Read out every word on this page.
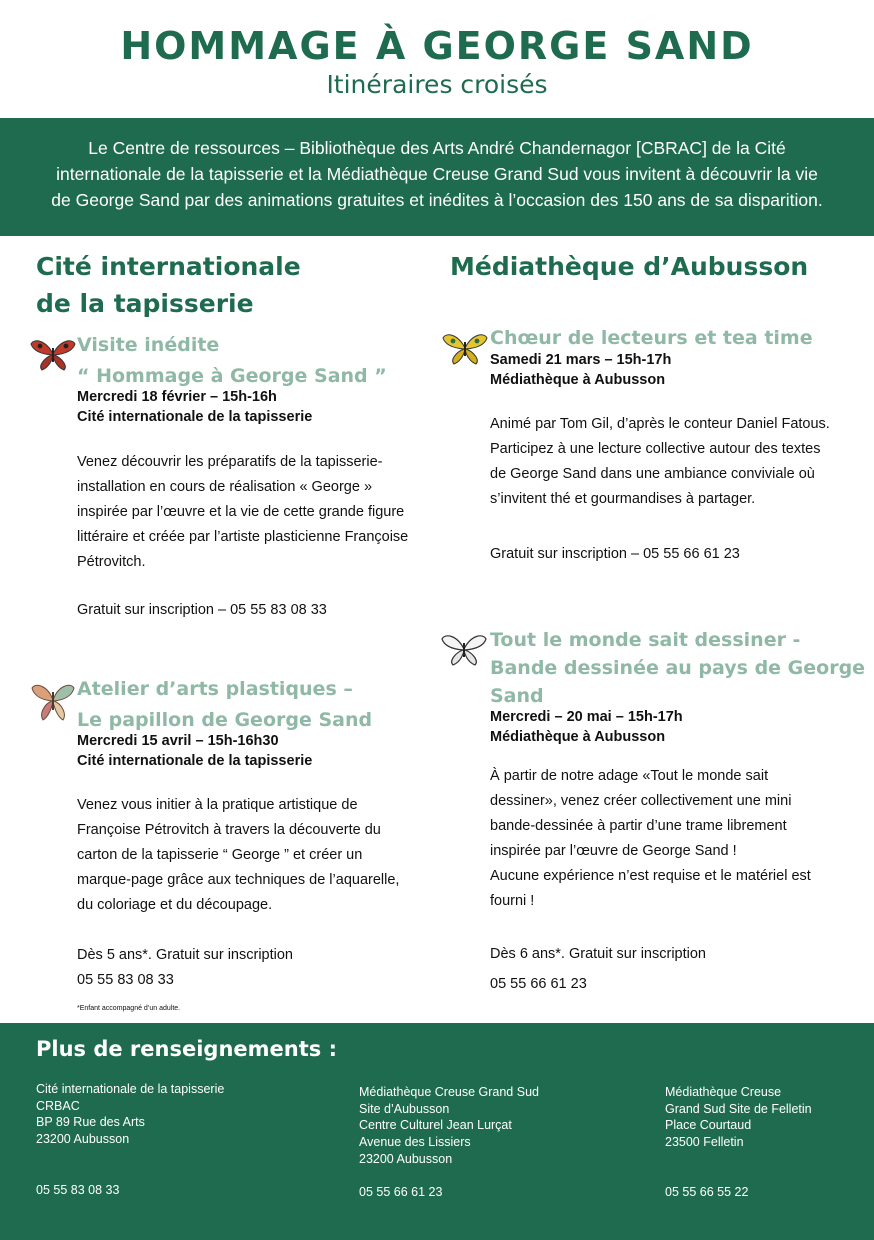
HOMMAGE À GEORGE SAND
Itinéraires croisés
Le Centre de ressources – Bibliothèque des Arts André Chandernagor [CBRAC] de la Cité
internationale de la tapisserie et la Médiathèque Creuse Grand Sud vous invitent à découvrir la vie
de George Sand par des animations gratuites et inédites à l’occasion des 150 ans de sa disparition.
Cité internationale
de la tapisserie
Visite inédite
“ Hommage à George Sand ”
Mercredi 18 février – 15h-16h
Cité internationale de la tapisserie
Venez découvrir les préparatifs de la tapisserie-
installation en cours de réalisation « George »
inspirée par l’œuvre et la vie de cette grande figure
littéraire et créée par l’artiste plasticienne Françoise
Pétrovitch.
Gratuit sur inscription – 05 55 83 08 33
Atelier d’arts plastiques –
Le papillon de George Sand
Mercredi 15 avril – 15h-16h30
Cité internationale de la tapisserie
Venez vous initier à la pratique artistique de
Françoise Pétrovitch à travers la découverte du
carton de la tapisserie “ George ” et créer un
marque-page grâce aux techniques de l’aquarelle,
du coloriage et du découpage.
Dès 5 ans*. Gratuit sur inscription
05 55 83 08 33
*Enfant accompagné d’un adulte.
Médiathèque d’Aubusson
Chœur de lecteurs et tea time
Samedi 21 mars – 15h-17h
Médiathèque à Aubusson
Animé par Tom Gil, d’après le conteur Daniel Fatous.
Participez à une lecture collective autour des textes
de George Sand dans une ambiance conviviale où
s’invitent thé et gourmandises à partager.
Gratuit sur inscription – 05 55 66 61 23
Tout le monde sait dessiner -
Bande dessinée au pays de George
Sand
Mercredi – 20 mai – 15h-17h
Médiathèque à Aubusson
À partir de notre adage «Tout le monde sait
dessiner», venez créer collectivement une mini
bande-dessinée à partir d’une trame librement
inspirée par l’œuvre de George Sand !
Aucune expérience n’est requise et le matériel est
fourni !
Dès 6 ans*. Gratuit sur inscription
05 55 66 61 23
Plus de renseignements :
Cité internationale de la tapisserie
CRBAC
BP 89 Rue des Arts
23200 Aubusson
05 55 83 08 33
Médiathèque Creuse Grand Sud
Site d’Aubusson
Centre Culturel Jean Lurçat
Avenue des Lissiers
23200 Aubusson
05 55 66 61 23
Médiathèque Creuse
Grand Sud Site de Felletin
Place Courtaud
23500 Felletin
05 55 66 55 22
